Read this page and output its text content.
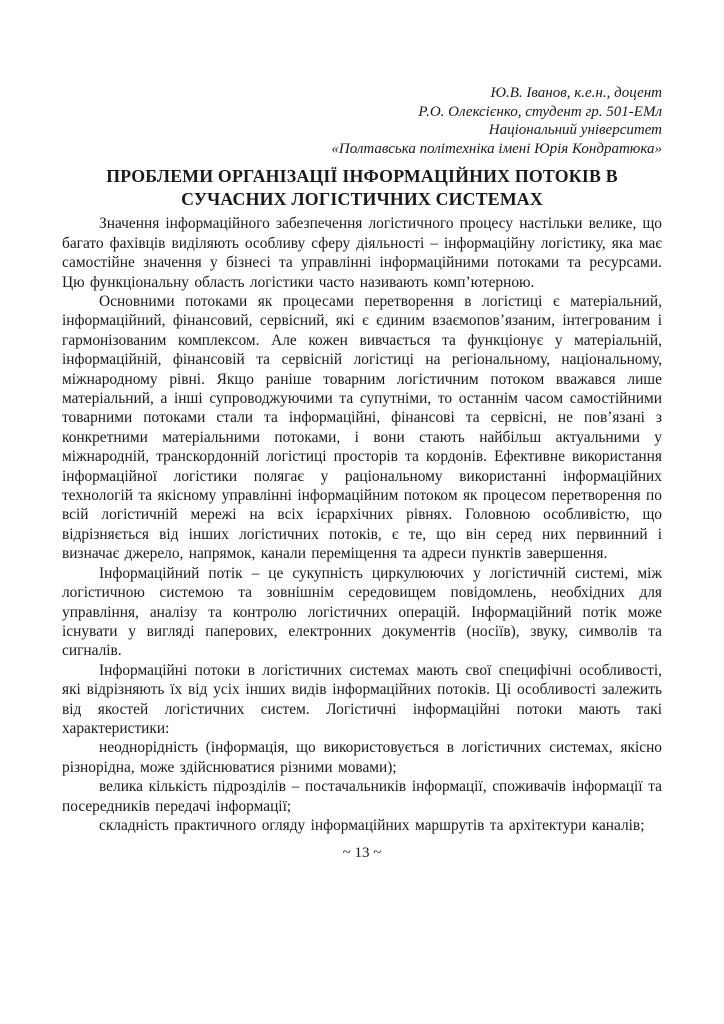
Ю.В. Іванов, к.е.н., доцент
Р.О. Олексієнко, студент гр. 501-ЕМл
Національний університет
«Полтавська політехніка імені Юрія Кондратюка»
ПРОБЛЕМИ ОРГАНІЗАЦІЇ ІНФОРМАЦІЙНИХ ПОТОКІВ В СУЧАСНИХ ЛОГІСТИЧНИХ СИСТЕМАХ

Значення інформаційного забезпечення логістичного процесу настільки велике, що багато фахівців виділяють особливу сферу діяльності – інформаційну логістику, яка має самостійне значення у бізнесі та управлінні інформаційними потоками та ресурсами. Цю функціональну область логістики часто називають комп’ютерною.

Основними потоками як процесами перетворення в логістиці є матеріальний, інформаційний, фінансовий, сервісний, які є єдиним взаємопов’язаним, інтегрованим і гармонізованим комплексом. Але кожен вивчається та функціонує у матеріальній, інформаційній, фінансовій та сервісній логістиці на регіональному, національному, міжнародному рівні. Якщо раніше товарним логістичним потоком вважався лише матеріальний, а інші супроводжуючими та супутніми, то останнім часом самостійними товарними потоками стали та інформаційні, фінансові та сервісні, не пов’язані з конкретними матеріальними потоками, і вони стають найбільш актуальними у міжнародній, транскордонній логістиці просторів та кордонів. Ефективне використання інформаційної логістики полягає у раціональному використанні інформаційних технологій та якісному управлінні інформаційним потоком як процесом перетворення по всій логістичній мережі на всіх ієрархічних рівнях. Головною особливістю, що відрізняється від інших логістичних потоків, є те, що він серед них первинний і визначає джерело, напрямок, канали переміщення та адреси пунктів завершення.

Інформаційний потік – це сукупність циркулюючих у логістичній системі, між логістичною системою та зовнішнім середовищем повідомлень, необхідних для управління, аналізу та контролю логістичних операцій. Інформаційний потік може існувати у вигляді паперових, електронних документів (носіїв), звуку, символів та сигналів.

Інформаційні потоки в логістичних системах мають свої специфічні особливості, які відрізняють їх від усіх інших видів інформаційних потоків. Ці особливості залежить від якостей логістичних систем. Логістичні інформаційні потоки мають такі характеристики:

неоднорідність (інформація, що використовується в логістичних системах, якісно різнорідна, може здійснюватися різними мовами);

велика кількість підрозділів – постачальників інформації, споживачів інформації та посередників передачі інформації;

складність практичного огляду інформаційних маршрутів та архітектури каналів;

~ 13 ~
